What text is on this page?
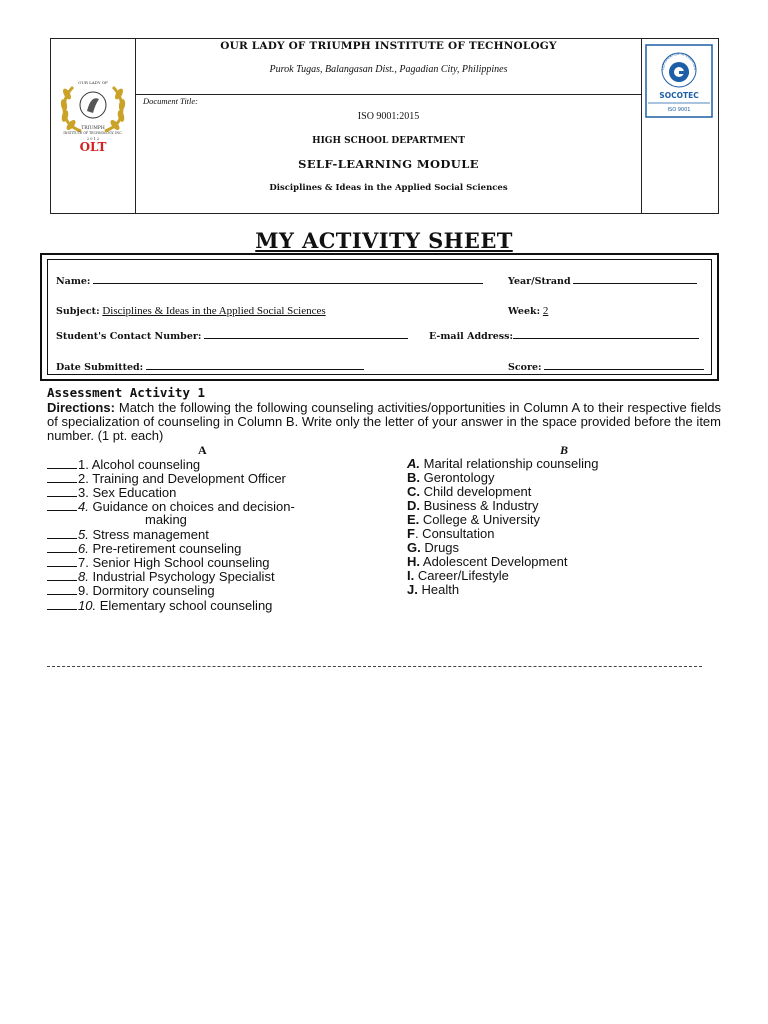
OUR LADY OF
TRIUMPH
INSTITUTE OF TECHNOLOGY, INC.
2 0 1 2
OLT
OUR LADY OF TRIUMPH INSTITUTE OF TECHNOLOGY
Purok Tugas, Balangasan Dist., Pagadian City, Philippines
Document Title:
ISO 9001:2015
HIGH SCHOOL DEPARTMENT
SELF-LEARNING MODULE
Disciplines & Ideas in the Applied Social Sciences
CERTIFICATION INTERNATION
SOCOTEC
ISO 9001
MY ACTIVITY SHEET
Name:	Year/Strand
Subject: Disciplines & Ideas in the Applied Social Sciences	Week: 2
Student's Contact Number:	E-mail Address:
Date Submitted:	Score:
Assessment Activity 1
Directions: Match the following the following counseling activities/opportunities in Column A to their respective fields of specialization of counseling in Column B. Write only the letter of your answer in the space provided before the item number. (1 pt. each)
A	B
1. Alcohol counseling
2. Training and Development Officer
3. Sex Education
4. Guidance on choices and decision-
making
5. Stress management
6. Pre-retirement counseling
7. Senior High School counseling
8. Industrial Psychology Specialist
9. Dormitory counseling
10. Elementary school counseling
A. Marital relationship counseling
B. Gerontology
C. Child development
D. Business & Industry
E. College & University
F. Consultation
G. Drugs
H. Adolescent Development
I. Career/Lifestyle
J. Health
